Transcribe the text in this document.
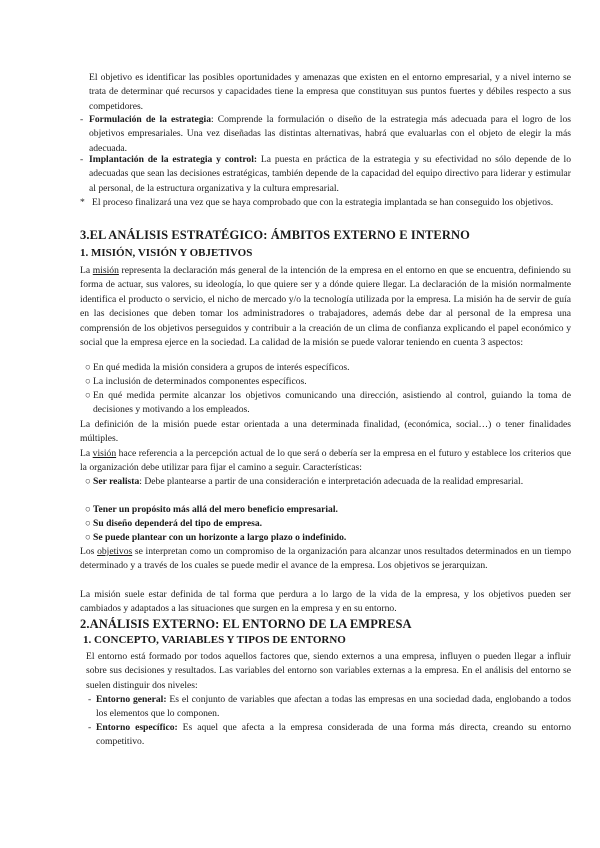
El objetivo es identificar las posibles oportunidades y amenazas que existen en el entorno empresarial, y a nivel interno se trata de determinar qué recursos y capacidades tiene la empresa que constituyan sus puntos fuertes y débiles respecto a sus competidores.
- Formulación de la estrategia: Comprende la formulación o diseño de la estrategia más adecuada para el logro de los objetivos empresariales. Una vez diseñadas las distintas alternativas, habrá que evaluarlas con el objeto de elegir la más adecuada.
- Implantación de la estrategia y control: La puesta en práctica de la estrategia y su efectividad no sólo depende de lo adecuadas que sean las decisiones estratégicas, también depende de la capacidad del equipo directivo para liderar y estimular al personal, de la estructura organizativa y la cultura empresarial.
* El proceso finalizará una vez que se haya comprobado que con la estrategia implantada se han conseguido los objetivos.
3.EL ANÁLISIS ESTRATÉGICO: ÁMBITOS EXTERNO E INTERNO
1. MISIÓN, VISIÓN Y OBJETIVOS
La misión representa la declaración más general de la intención de la empresa en el entorno en que se encuentra, definiendo su forma de actuar, sus valores, su ideología, lo que quiere ser y a dónde quiere llegar. La declaración de la misión normalmente identifica el producto o servicio, el nicho de mercado y/o la tecnología utilizada por la empresa. La misión ha de servir de guía en las decisiones que deben tomar los administradores o trabajadores, además debe dar al personal de la empresa una comprensión de los objetivos perseguidos y contribuir a la creación de un clima de confianza explicando el papel económico y social que la empresa ejerce en la sociedad. La calidad de la misión se puede valorar teniendo en cuenta 3 aspectos:
○ En qué medida la misión considera a grupos de interés específicos.
○ La inclusión de determinados componentes específicos.
○ En qué medida permite alcanzar los objetivos comunicando una dirección, asistiendo al control, guiando la toma de decisiones y motivando a los empleados.
La definición de la misión puede estar orientada a una determinada finalidad, (económica, social…) o tener finalidades múltiples.
La visión hace referencia a la percepción actual de lo que será o debería ser la empresa en el futuro y establece los criterios que la organización debe utilizar para fijar el camino a seguir. Características:
○ Ser realista: Debe plantearse a partir de una consideración e interpretación adecuada de la realidad empresarial.
○ Tener un propósito más allá del mero beneficio empresarial.
○ Su diseño dependerá del tipo de empresa.
○ Se puede plantear con un horizonte a largo plazo o indefinido.
Los objetivos se interpretan como un compromiso de la organización para alcanzar unos resultados determinados en un tiempo determinado y a través de los cuales se puede medir el avance de la empresa. Los objetivos se jerarquizan.
La misión suele estar definida de tal forma que perdura a lo largo de la vida de la empresa, y los objetivos pueden ser cambiados y adaptados a las situaciones que surgen en la empresa y en su entorno.
2.ANÁLISIS EXTERNO: EL ENTORNO DE LA EMPRESA
1. CONCEPTO, VARIABLES Y TIPOS DE ENTORNO
El entorno está formado por todos aquellos factores que, siendo externos a una empresa, influyen o pueden llegar a influir sobre sus decisiones y resultados. Las variables del entorno son variables externas a la empresa. En el análisis del entorno se suelen distinguir dos niveles:
- Entorno general: Es el conjunto de variables que afectan a todas las empresas en una sociedad dada, englobando a todos los elementos que lo componen.
- Entorno específico: Es aquel que afecta a la empresa considerada de una forma más directa, creando su entorno competitivo.
